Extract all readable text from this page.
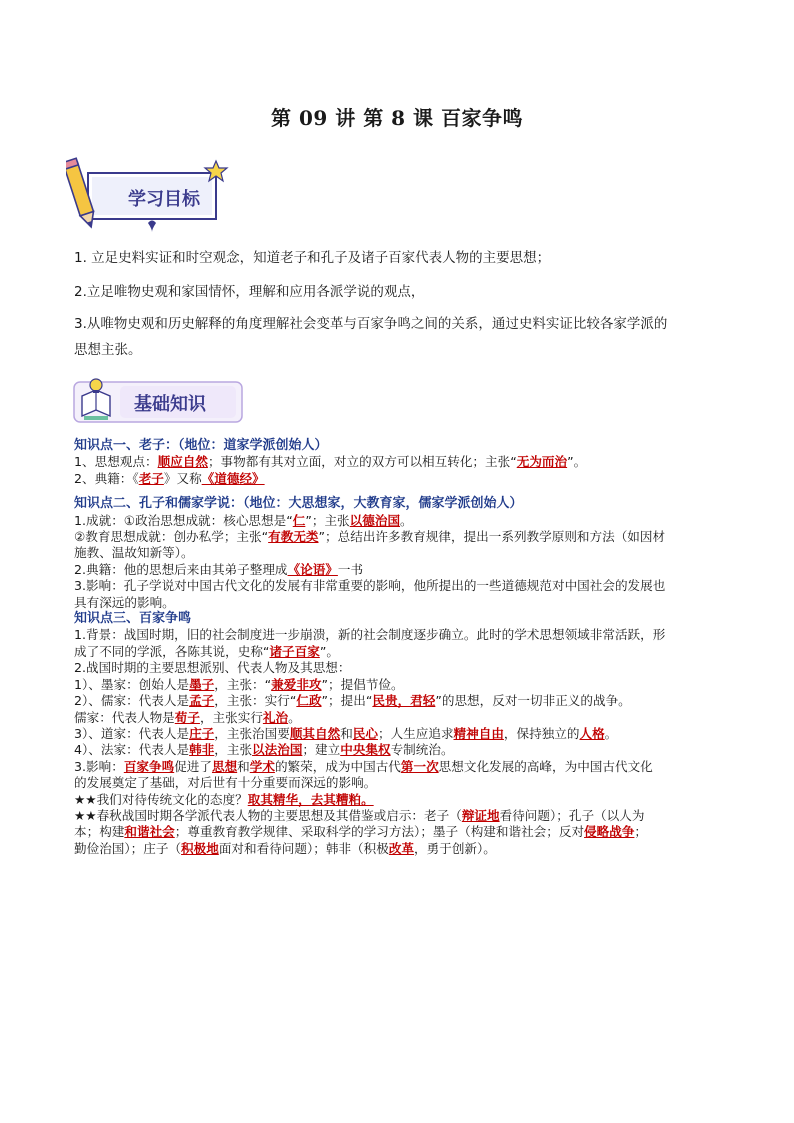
第 09 讲 第 8 课 百家争鸣
学习目标
1. 立足史料实证和时空观念，知道老子和孔子及诸子百家代表人物的主要思想；
2.立足唯物史观和家国情怀，理解和应用各派学说的观点，
3.从唯物史观和历史解释的角度理解社会变革与百家争鸣之间的关系，通过史料实证比较各家学派的
思想主张。
基础知识

知识点一、老子：（地位：道家学派创始人）

1、思想观点：顺应自然；事物都有其对立面，对立的双方可以相互转化；主张“无为而治”。

2、典籍：《老子》又称《道德经》

知识点二、孔子和儒家学说：（地位：大思想家，大教育家，儒家学派创始人）

1.成就：①政治思想成就：核心思想是“仁”；主张以德治国。

②教育思想成就：创办私学；主张“有教无类”；总结出许多教育规律，提出一系列教学原则和方法（如因材

施教、温故知新等）。

2.典籍：他的思想后来由其弟子整理成《论语》一书

3.影响：孔子学说对中国古代文化的发展有非常重要的影响，他所提出的一些道德规范对中国社会的发展也

具有深远的影响。

知识点三、百家争鸣

1.背景：战国时期，旧的社会制度进一步崩溃，新的社会制度逐步确立。此时的学术思想领域非常活跃，形

成了不同的学派，各陈其说，史称“诸子百家”。

2.战国时期的主要思想派别、代表人物及其思想：

1）、墨家：创始人是墨子，主张：“兼爱非攻”；提倡节俭。

2）、儒家：代表人是孟子，主张：实行“仁政”；提出“民贵，君轻”的思想，反对一切非正义的战争。

儒家：代表人物是荀子，主张实行礼治。

3）、道家：代表人是庄子，主张治国要顺其自然和民心；人生应追求精神自由，保持独立的人格。

4）、法家：代表人是韩非，主张以法治国；建立中央集权专制统治。

3.影响：百家争鸣促进了思想和学术的繁荣，成为中国古代第一次思想文化发展的高峰，为中国古代文化

的发展奠定了基础，对后世有十分重要而深远的影响。

★★我们对待传统文化的态度？取其精华，去其糟粕。

★★春秋战国时期各学派代表人物的主要思想及其借鉴或启示：老子（辩证地看待问题）；孔子（以人为

本；构建和谐社会；尊重教育教学规律、采取科学的学习方法）；墨子（构建和谐社会；反对侵略战争；

勤俭治国）；庄子（积极地面对和看待问题）；韩非（积极改革，勇于创新）。
